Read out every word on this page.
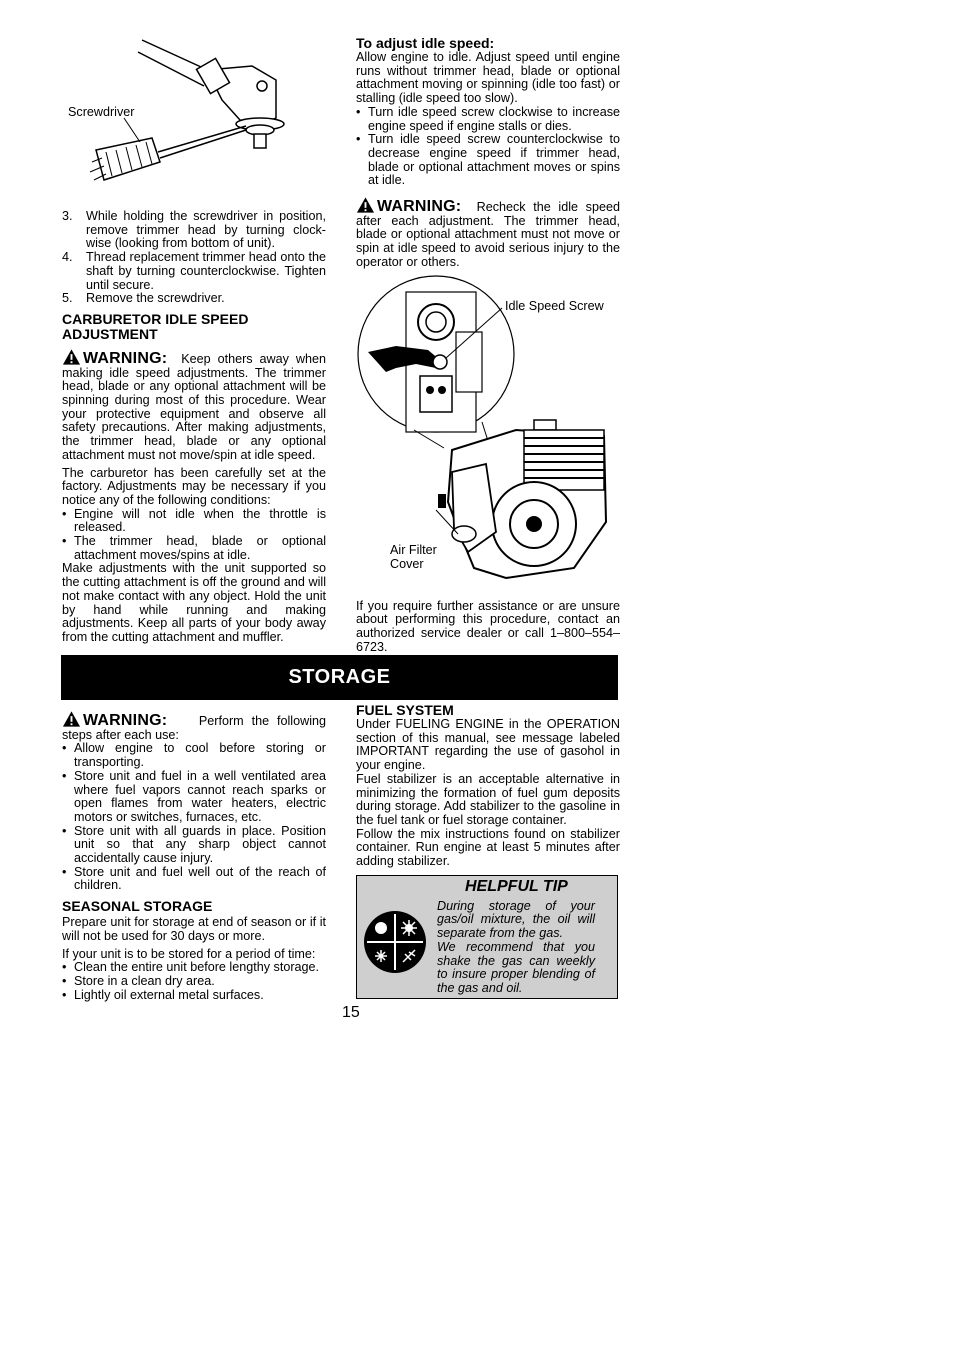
Screwdriver
3. While holding the screwdriver in position, remove trimmer head by turning clock-wise (looking from bottom of unit).
4. Thread replacement trimmer head onto the shaft by turning counterclockwise. Tighten until secure.
5. Remove the screwdriver.
CARBURETOR IDLE SPEED ADJUSTMENT

WARNING: Keep others away when making idle speed adjustments. The trimmer head, blade or any optional attachment will be spinning during most of this procedure. Wear your protective equipment and observe all safety precautions. After making adjustments, the trimmer head, blade or any optional attachment must not move/spin at idle speed.

The carburetor has been carefully set at the factory. Adjustments may be necessary if you notice any of the following conditions:

• Engine will not idle when the throttle is released.
• The trimmer head, blade or optional attachment moves/spins at idle.

Make adjustments with the unit supported so the cutting attachment is off the ground and will not make contact with any object. Hold the unit by hand while running and making adjustments. Keep all parts of your body away from the cutting attachment and muffler.

To adjust idle speed:

Allow engine to idle. Adjust speed until engine runs without trimmer head, blade or optional attachment moving or spinning (idle too fast) or stalling (idle speed too slow).

• Turn idle speed screw clockwise to increase engine speed if engine stalls or dies.
• Turn idle speed screw counterclockwise to decrease engine speed if trimmer head, blade or optional attachment moves or spins at idle.

WARNING: Recheck the idle speed after each adjustment. The trimmer head, blade or optional attachment must not move or spin at idle speed to avoid serious injury to the operator or others.

Idle Speed Screw
Air Filter
Cover

If you require further assistance or are unsure about performing this procedure, contact an authorized service dealer or call 1–800–554–6723.

STORAGE

WARNING:	Perform the following steps after each use:

• Allow engine to cool before storing or transporting.
• Store unit and fuel in a well ventilated area where fuel vapors cannot reach sparks or open flames from water heaters, electric motors or switches, furnaces, etc.
• Store unit with all guards in place. Position unit so that any sharp object cannot accidentally cause injury.
• Store unit and fuel well out of the reach of children.
SEASONAL STORAGE

Prepare unit for storage at end of season or if it will not be used for 30 days or more.

If your unit is to be stored for a period of time:

• Clean the entire unit before lengthy storage.
• Store in a clean dry area.
• Lightly oil external metal surfaces.
FUEL SYSTEM

Under FUELING ENGINE in the OPERATION section of this manual, see message labeled IMPORTANT regarding the use of gasohol in your engine.

Fuel stabilizer is an acceptable alternative in minimizing the formation of fuel gum deposits during storage. Add stabilizer to the gasoline in the fuel tank or fuel storage container.

Follow the mix instructions found on stabilizer container. Run engine at least 5 minutes after adding stabilizer.

HELPFUL TIP

During storage of your gas/oil mixture, the oil will separate from the gas.

We recommend that you shake the gas can weekly to insure proper blending of the gas and oil.

15
